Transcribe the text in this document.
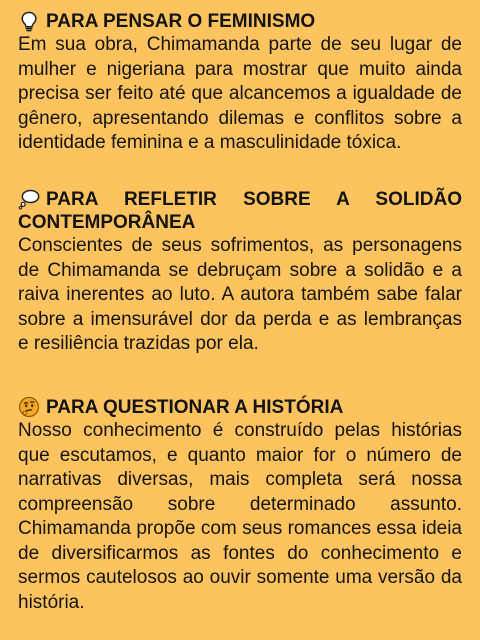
PARA PENSAR O FEMINISMO

Em sua obra, Chimamanda parte de seu lugar de mulher e nigeriana para mostrar que muito ainda precisa ser feito até que alcancemos a igualdade de gênero, apresentando dilemas e conflitos sobre a identidade feminina e a masculinidade tóxica.

PARA REFLETIR SOBRE A SOLIDÃO CONTEMPORÂNEA

Conscientes de seus sofrimentos, as personagens de Chimamanda se debruçam sobre a solidão e a raiva inerentes ao luto. A autora também sabe falar sobre a imensurável dor da perda e as lembranças e resiliência trazidas por ela.

PARA QUESTIONAR A HISTÓRIA

Nosso conhecimento é construído pelas histórias que escutamos, e quanto maior for o número de narrativas diversas, mais completa será nossa compreensão sobre determinado assunto. Chimamanda propõe com seus romances essa ideia de diversificarmos as fontes do conhecimento e sermos cautelosos ao ouvir somente uma versão da história.
